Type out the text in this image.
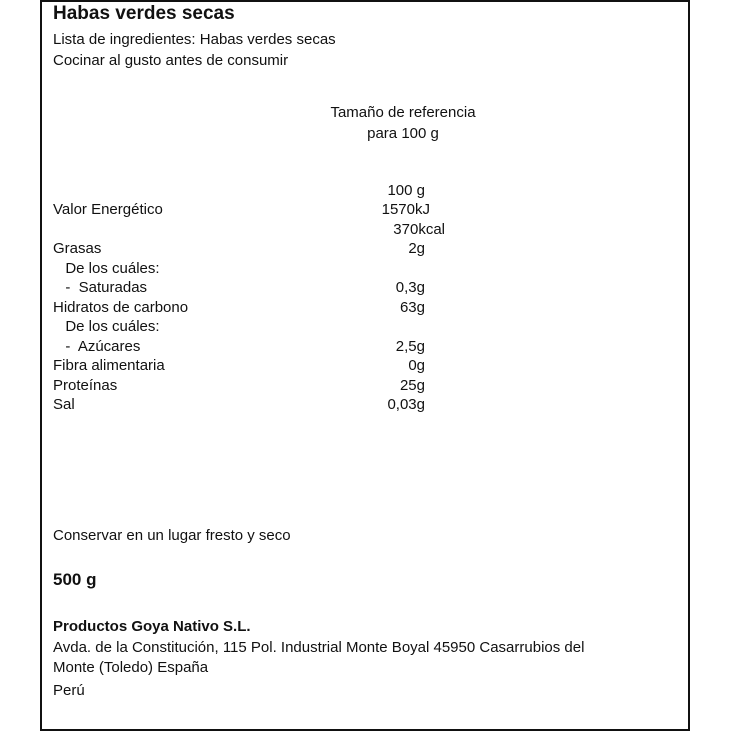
Habas verdes secas
Lista de ingredientes: Habas verdes secas
Cocinar al gusto antes de consumir
Tamaño de referencia
para 100 g
100 g
Valor Energético	1570kJ
370kcal
Grasas	2g
De los cuáles:
-  Saturadas	0,3g
Hidratos de carbono	63g
De los cuáles:
-  Azúcares	2,5g
Fibra alimentaria	0g
Proteínas	25g
Sal	0,03g
Conservar en un lugar fresto y seco
500 g
Productos Goya Nativo S.L.
Avda. de la Constitución, 115 Pol. Industrial Monte Boyal 45950 Casarrubios del
Monte (Toledo) España
Perú
